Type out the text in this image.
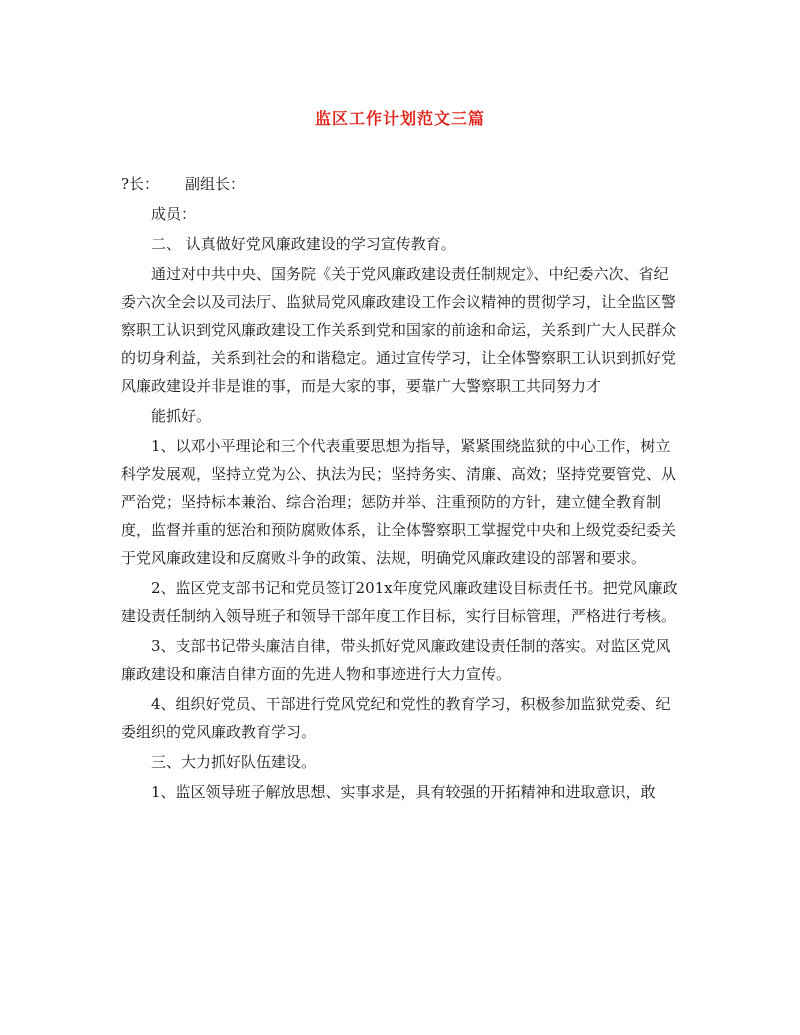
监区工作计划范文三篇

?长： 副组长：

成员：

二、 认真做好党风廉政建设的学习宣传教育。

通过对中共中央、国务院《关于党风廉政建设责任制规定》、中纪委六次、省纪委六次全会以及司法厅、监狱局党风廉政建设工作会议精神的贯彻学习，让全监区警察职工认识到党风廉政建设工作关系到党和国家的前途和命运，关系到广大人民群众的切身利益，关系到社会的和谐稳定。通过宣传学习，让全体警察职工认识到抓好党风廉政建设并非是谁的事，而是大家的事，要靠广大警察职工共同努力才

能抓好。

1、以邓小平理论和三个代表重要思想为指导，紧紧围绕监狱的中心工作，树立科学发展观，坚持立党为公、执法为民；坚持务实、清廉、高效；坚持党要管党、从严治党；坚持标本兼治、综合治理；惩防并举、注重预防的方针，建立健全教育制度，监督并重的惩治和预防腐败体系，让全体警察职工掌握党中央和上级党委纪委关于党风廉政建设和反腐败斗争的政策、法规，明确党风廉政建设的部署和要求。

2、监区党支部书记和党员签订201x年度党风廉政建设目标责任书。把党风廉政建设责任制纳入领导班子和领导干部年度工作目标，实行目标管理，严格进行考核。

3、支部书记带头廉洁自律，带头抓好党风廉政建设责任制的落实。对监区党风廉政建设和廉洁自律方面的先进人物和事迹进行大力宣传。

4、组织好党员、干部进行党风党纪和党性的教育学习，积极参加监狱党委、纪委组织的党风廉政教育学习。

三、大力抓好队伍建设。

1、监区领导班子解放思想、实事求是，具有较强的开拓精神和进取意识，敢
